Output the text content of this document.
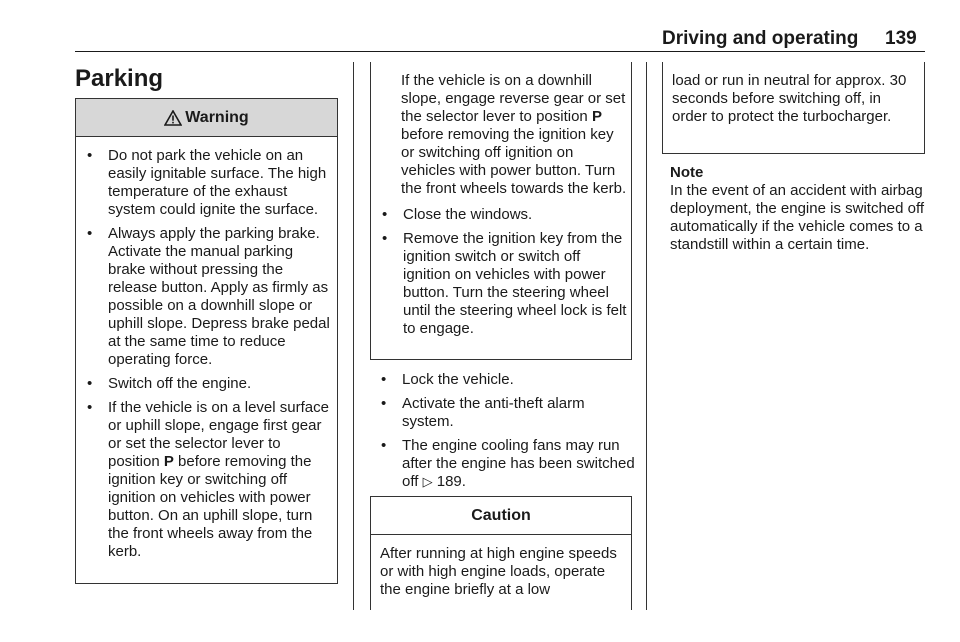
Driving and operating 139
Parking
Warning
• Do not park the vehicle on an easily ignitable surface. The high temperature of the exhaust system could ignite the surface.
• Always apply the parking brake. Activate the manual parking brake without pressing the release button. Apply as firmly as possible on a downhill slope or uphill slope. Depress brake pedal at the same time to reduce operating force.
• Switch off the engine.
• If the vehicle is on a level surface or uphill slope, engage first gear or set the selector lever to position P before removing the ignition key or switching off ignition on vehicles with power button. On an uphill slope, turn the front wheels away from the kerb.
If the vehicle is on a downhill slope, engage reverse gear or set the selector lever to position P before removing the ignition key or switching off ignition on vehicles with power button. Turn the front wheels towards the kerb.
• Close the windows.
• Remove the ignition key from the ignition switch or switch off ignition on vehicles with power button. Turn the steering wheel until the steering wheel lock is felt to engage.
• Lock the vehicle.
• Activate the anti-theft alarm system.
• The engine cooling fans may run after the engine has been switched off ▷ 189.
Caution
After running at high engine speeds or with high engine loads, operate the engine briefly at a low
load or run in neutral for approx. 30 seconds before switching off, in order to protect the turbocharger.
Note
In the event of an accident with airbag deployment, the engine is switched off automatically if the vehicle comes to a standstill within a certain time.
